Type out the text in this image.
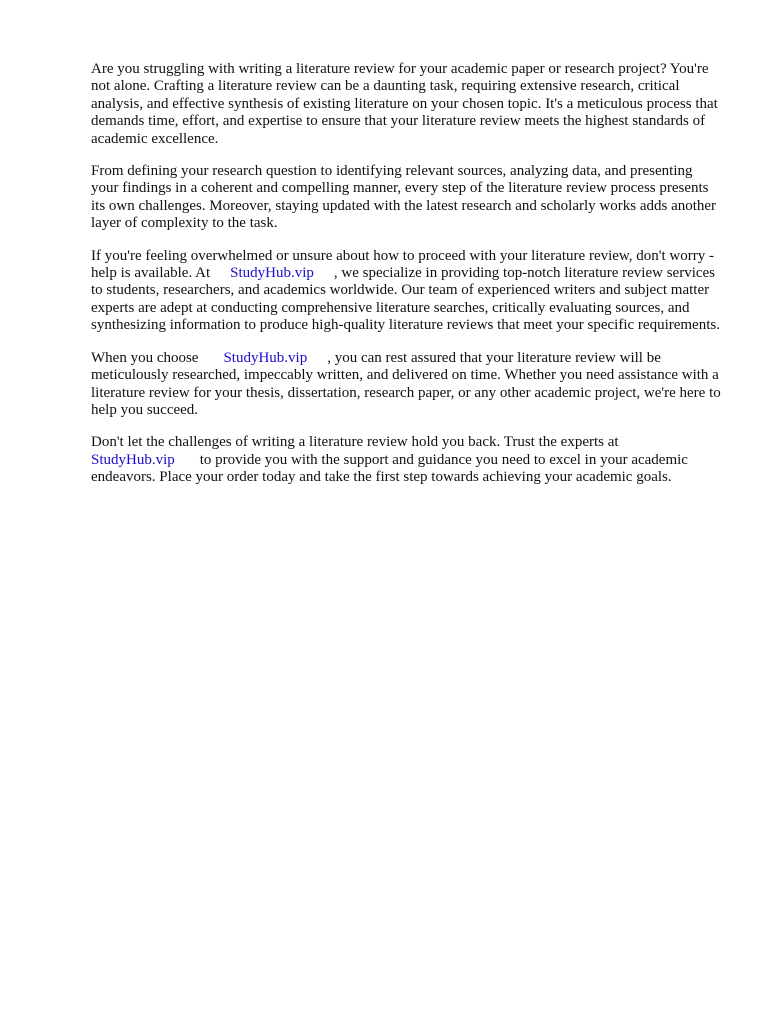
Are you struggling with writing a literature review for your academic paper or research project? You're not alone. Crafting a literature review can be a daunting task, requiring extensive research, critical analysis, and effective synthesis of existing literature on your chosen topic. It's a meticulous process that demands time, effort, and expertise to ensure that your literature review meets the highest standards of academic excellence.

From defining your research question to identifying relevant sources, analyzing data, and presenting your findings in a coherent and compelling manner, every step of the literature review process presents its own challenges. Moreover, staying updated with the latest research and scholarly works adds another layer of complexity to the task.

If you're feeling overwhelmed or unsure about how to proceed with your literature review, don't worry - help is available. At StudyHub.vip , we specialize in providing top-notch literature review services to students, researchers, and academics worldwide. Our team of experienced writers and subject matter experts are adept at conducting comprehensive literature searches, critically evaluating sources, and synthesizing information to produce high-quality literature reviews that meet your specific requirements.

When you choose StudyHub.vip , you can rest assured that your literature review will be meticulously researched, impeccably written, and delivered on time. Whether you need assistance with a literature review for your thesis, dissertation, research paper, or any other academic project, we're here to help you succeed.

Don't let the challenges of writing a literature review hold you back. Trust the experts at StudyHub.vip to provide you with the support and guidance you need to excel in your academic endeavors. Place your order today and take the first step towards achieving your academic goals.
